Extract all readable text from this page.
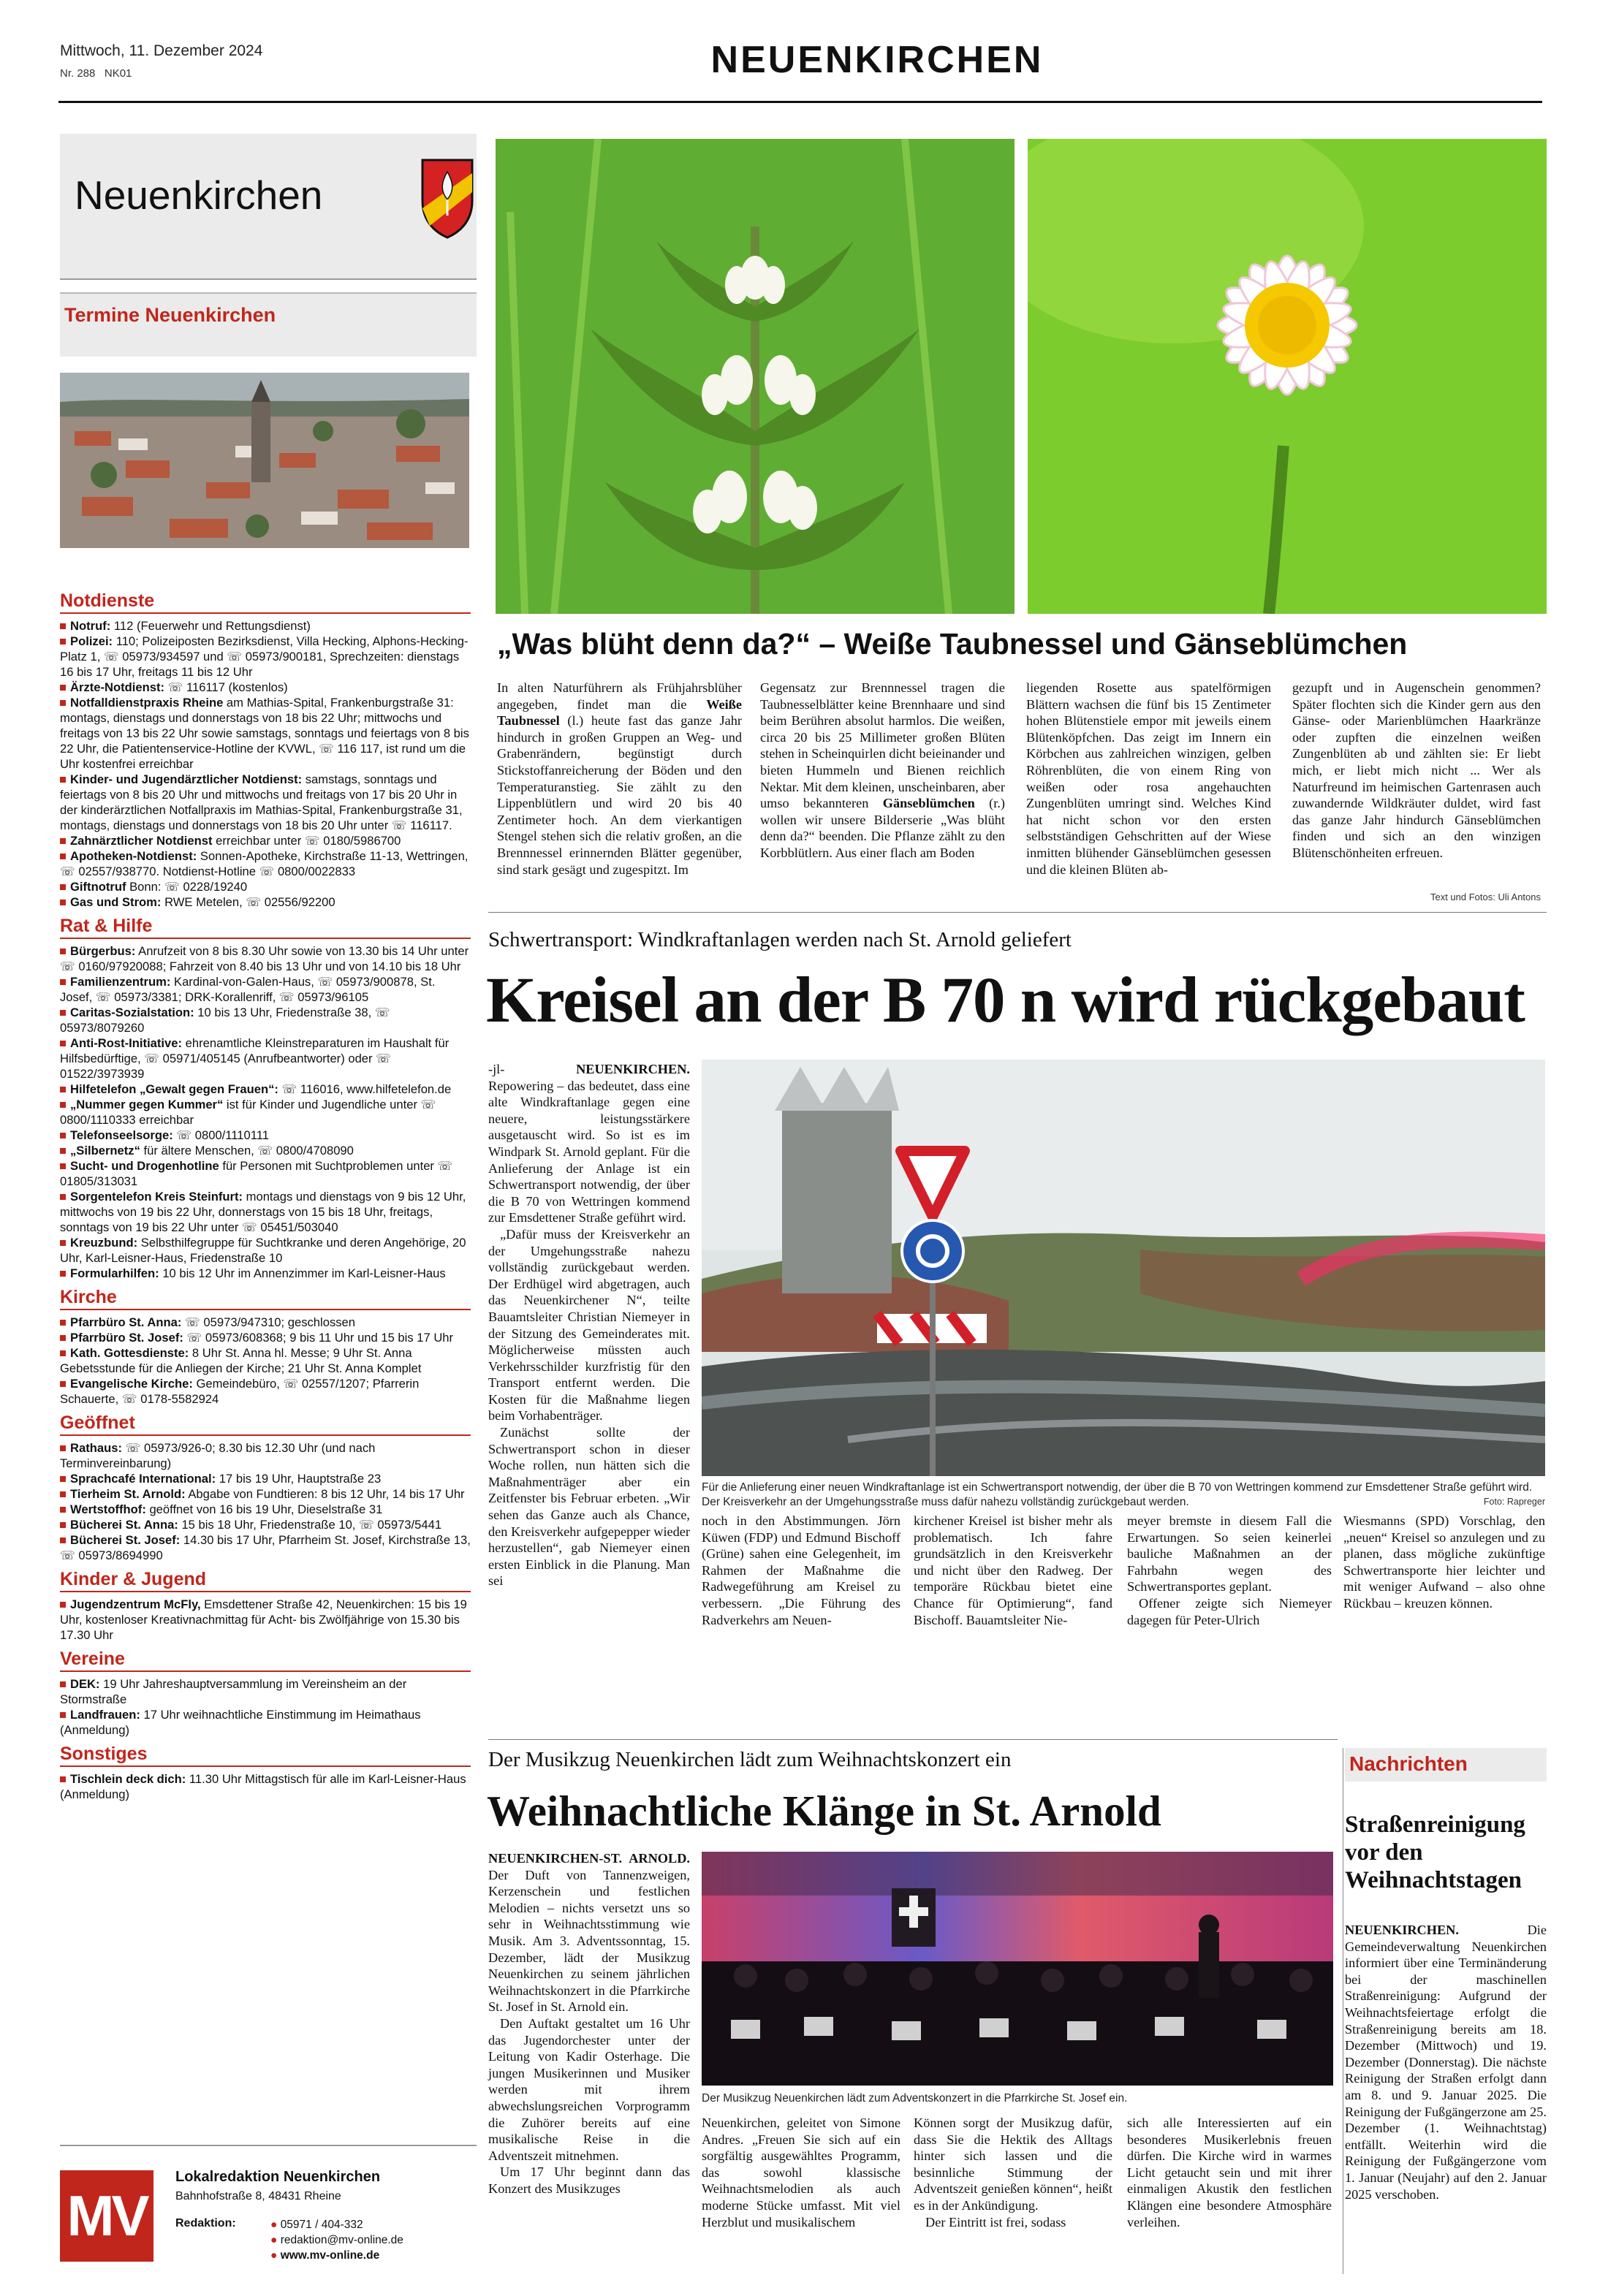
Mittwoch, 11. Dezember 2024
Nr. 288   NK01	NEUENKIRCHEN
Neuenkirchen
Termine Neuenkirchen
Notdienste
Notruf: 112 (Feuerwehr und Rettungsdienst)
Polizei: 110; Polizeiposten Bezirksdienst, Villa Hecking, Alphons-Hecking-Platz 1, ☏ 05973/934597 und ☏ 05973/900181, Sprechzeiten: dienstags 16 bis 17 Uhr, freitags 11 bis 12 Uhr
Ärzte-Notdienst: ☏ 116117 (kostenlos)
Notfalldienstpraxis Rheine am Mathias-Spital, Frankenburgstraße 31: montags, dienstags und donnerstags von 18 bis 22 Uhr; mittwochs und freitags von 13 bis 22 Uhr sowie samstags, sonntags und feiertags von 8 bis 22 Uhr, die Patientenservice-Hotline der KVWL, ☏ 116 117, ist rund um die Uhr kostenfrei erreichbar
Kinder- und Jugendärztlicher Notdienst: samstags, sonntags und feiertags von 8 bis 20 Uhr und mittwochs und freitags von 17 bis 20 Uhr in der kinderärztlichen Notfallpraxis im Mathias-Spital, Frankenburgstraße 31, montags, dienstags und donnerstags von 18 bis 20 Uhr unter ☏ 116117.
Zahnärztlicher Notdienst erreichbar unter ☏ 0180/5986700
Apotheken-Notdienst: Sonnen-Apotheke, Kirchstraße 11-13, Wettringen, ☏ 02557/938770. Notdienst-Hotline ☏ 0800/0022833
Giftnotruf Bonn: ☏ 0228/19240
Gas und Strom: RWE Metelen, ☏ 02556/92200
Rat & Hilfe
Bürgerbus: Anrufzeit von 8 bis 8.30 Uhr sowie von 13.30 bis 14 Uhr unter ☏ 0160/97920088; Fahrzeit von 8.40 bis 13 Uhr und von 14.10 bis 18 Uhr
Familienzentrum: Kardinal-von-Galen-Haus, ☏ 05973/900878, St. Josef, ☏ 05973/3381; DRK-Korallenriff, ☏ 05973/96105
Caritas-Sozialstation: 10 bis 13 Uhr, Friedenstraße 38, ☏ 05973/8079260
Anti-Rost-Initiative: ehrenamtliche Kleinstreparaturen im Haushalt für Hilfsbedürftige, ☏ 05971/405145 (Anrufbeantworter) oder ☏ 01522/3973939
Hilfetelefon „Gewalt gegen Frauen“: ☏ 116016, www.hilfetelefon.de
„Nummer gegen Kummer“ ist für Kinder und Jugendliche unter ☏ 0800/1110333 erreichbar
Telefonseelsorge: ☏ 0800/1110111
„Silbernetz“ für ältere Menschen, ☏ 0800/4708090
Sucht- und Drogenhotline für Personen mit Suchtproblemen unter ☏ 01805/313031
Sorgentelefon Kreis Steinfurt: montags und dienstags von 9 bis 12 Uhr, mittwochs von 19 bis 22 Uhr, donnerstags von 15 bis 18 Uhr, freitags, sonntags von 19 bis 22 Uhr unter ☏ 05451/503040
Kreuzbund: Selbsthilfegruppe für Suchtkranke und deren Angehörige, 20 Uhr, Karl-Leisner-Haus, Friedenstraße 10
Formularhilfen: 10 bis 12 Uhr im Annenzimmer im Karl-Leisner-Haus
Kirche
Pfarrbüro St. Anna: ☏ 05973/947310; geschlossen
Pfarrbüro St. Josef: ☏ 05973/608368; 9 bis 11 Uhr und 15 bis 17 Uhr
Kath. Gottesdienste: 8 Uhr St. Anna hl. Messe; 9 Uhr St. Anna Gebetsstunde für die Anliegen der Kirche; 21 Uhr St. Anna Komplet
Evangelische Kirche: Gemeindebüro, ☏ 02557/1207; Pfarrerin Schauerte, ☏ 0178-5582924
Geöffnet
Rathaus: ☏ 05973/926-0; 8.30 bis 12.30 Uhr (und nach Terminvereinbarung)
Sprachcafé International: 17 bis 19 Uhr, Hauptstraße 23
Tierheim St. Arnold: Abgabe von Fundtieren: 8 bis 12 Uhr, 14 bis 17 Uhr
Wertstoffhof: geöffnet von 16 bis 19 Uhr, Dieselstraße 31
Bücherei St. Anna: 15 bis 18 Uhr, Friedenstraße 10, ☏ 05973/5441
Bücherei St. Josef: 14.30 bis 17 Uhr, Pfarrheim St. Josef, Kirchstraße 13, ☏ 05973/8694990
Kinder & Jugend
Jugendzentrum McFly, Emsdettener Straße 42, Neuenkirchen: 15 bis 19 Uhr, kostenloser Kreativnachmittag für Acht- bis Zwölfjährige von 15.30 bis 17.30 Uhr
Vereine
DEK: 19 Uhr Jahreshauptversammlung im Vereinsheim an der Stormstraße
Landfrauen: 17 Uhr weihnachtliche Einstimmung im Heimathaus (Anmeldung)
Sonstiges
Tischlein deck dich: 11.30 Uhr Mittagstisch für alle im Karl-Leisner-Haus (Anmeldung)
MV
Lokalredaktion Neuenkirchen
Bahnhofstraße 8, 48431 Rheine
Redaktion:	● 05971 / 404-332
● redaktion@mv-online.de
● www.mv-online.de
„Was blüht denn da?“ – Weiße Taubnessel und Gänseblümchen
In alten Naturführern als Frühjahrsblüher angegeben, findet man die Weiße Taubnessel (l.) heute fast das ganze Jahr hindurch in großen Gruppen an Weg- und Grabenrändern, begünstigt durch Stickstoffanreicherung der Böden und den Temperaturanstieg. Sie zählt zu den Lippenblütlern und wird 20 bis 40 Zentimeter hoch. An dem vierkantigen Stengel stehen sich die relativ großen, an die Brennnessel erinnernden Blätter gegenüber, sind stark gesägt und zugespitzt. Im
Gegensatz zur Brennnessel tragen die Taubnesselblätter keine Brennhaare und sind beim Berühren absolut harmlos. Die weißen, circa 20 bis 25 Millimeter großen Blüten stehen in Scheinquirlen dicht beieinander und bieten Hummeln und Bienen reichlich Nektar. Mit dem kleinen, unscheinbaren, aber umso bekannteren Gänseblümchen (r.) wollen wir unsere Bilderserie „Was blüht denn da?“ beenden. Die Pflanze zählt zu den Korbblütlern. Aus einer flach am Boden
liegenden Rosette aus spatelförmigen Blättern wachsen die fünf bis 15 Zentimeter hohen Blütenstiele empor mit jeweils einem Blütenköpfchen. Das zeigt im Innern ein Körbchen aus zahlreichen winzigen, gelben Röhrenblüten, die von einem Ring von weißen oder rosa angehauchten Zungenblüten umringt sind. Welches Kind hat nicht schon vor den ersten selbstständigen Gehschritten auf der Wiese inmitten blühender Gänseblümchen gesessen und die kleinen Blüten ab-
gezupft und in Augenschein genommen? Später flochten sich die Kinder gern aus den Gänse- oder Marienblümchen Haarkränze oder zupften die einzelnen weißen Zungenblüten ab und zählten sie: Er liebt mich, er liebt mich nicht ... Wer als Naturfreund im heimischen Gartenrasen auch zuwandernde Wildkräuter duldet, wird fast das ganze Jahr hindurch Gänseblümchen finden und sich an den winzigen Blütenschönheiten erfreuen.
Text und Fotos: Uli Antons
Schwertransport: Windkraftanlagen werden nach St. Arnold geliefert
Kreisel an der B 70 n wird rückgebaut

-jl- NEUENKIRCHEN. Repowering – das bedeutet, dass eine alte Windkraftanlage gegen eine neuere, leistungsstärkere ausgetauscht wird. So ist es im Windpark St. Arnold geplant. Für die Anlieferung der Anlage ist ein Schwertransport notwendig, der über die B 70 von Wettringen kommend zur Emsdettener Straße geführt wird.

„Dafür muss der Kreisverkehr an der Umgehungsstraße nahezu vollständig zurückgebaut werden. Der Erdhügel wird abgetragen, auch das Neuenkirchener N“, teilte Bauamtsleiter Christian Niemeyer in der Sitzung des Gemeinderates mit. Möglicherweise müssten auch Verkehrsschilder kurzfristig für den Transport entfernt werden. Die Kosten für die Maßnahme liegen beim Vorhabenträger.

Zunächst sollte der Schwertransport schon in dieser Woche rollen, nun hätten sich die Maßnahmenträger aber ein Zeitfenster bis Februar erbeten. „Wir sehen das Ganze auch als Chance, den Kreisverkehr aufgepepper wieder herzustellen“, gab Niemeyer einen ersten Einblick in die Planung. Man sei

Für die Anlieferung einer neuen Windkraftanlage ist ein Schwertransport notwendig, der über die B 70 von Wettringen kommend zur Emsdettener Straße geführt wird. Der Kreisverkehr an der Umgehungsstraße muss dafür nahezu vollständig zurückgebaut werden.	Foto: Rapreger
noch in den Abstimmungen. Jörn Küwen (FDP) und Edmund Bischoff (Grüne) sahen eine Gelegenheit, im Rahmen der Maßnahme die Radwegeführung am Kreisel zu verbessern. „Die Führung des Radverkehrs am Neuen-
kirchener Kreisel ist bisher mehr als problematisch. Ich fahre grundsätzlich in den Kreisverkehr und nicht über den Radweg. Der temporäre Rückbau bietet eine Chance für Optimierung“, fand Bischoff. Bauamtsleiter Nie-

meyer bremste in diesem Fall die Erwartungen. So seien keinerlei bauliche Maßnahmen an der Fahrbahn wegen des Schwertransportes geplant.

Offener zeigte sich Niemeyer dagegen für Peter-Ulrich

Wiesmanns (SPD) Vorschlag, den „neuen“ Kreisel so anzulegen und zu planen, dass mögliche zukünftige Schwertransporte hier leichter und mit weniger Aufwand – also ohne Rückbau – kreuzen können.
Der Musikzug Neuenkirchen lädt zum Weihnachtskonzert ein
Weihnachtliche Klänge in St. Arnold

NEUENKIRCHEN-ST. ARNOLD. Der Duft von Tannenzweigen, Kerzenschein und festlichen Melodien – nichts versetzt uns so sehr in Weihnachtsstimmung wie Musik. Am 3. Adventssonntag, 15. Dezember, lädt der Musikzug Neuenkirchen zu seinem jährlichen Weihnachtskonzert in die Pfarrkirche St. Josef in St. Arnold ein.

Den Auftakt gestaltet um 16 Uhr das Jugendorchester unter der Leitung von Kadir Osterhage. Die jungen Musikerinnen und Musiker werden mit ihrem abwechslungsreichen Vorprogramm die Zuhörer bereits auf eine musikalische Reise in die Adventszeit mitnehmen.

Um 17 Uhr beginnt dann das Konzert des Musikzuges

Der Musikzug Neuenkirchen lädt zum Adventskonzert in die Pfarrkirche St. Josef ein.
Neuenkirchen, geleitet von Simone Andres. „Freuen Sie sich auf ein sorgfältig ausgewähltes Programm, das sowohl klassische Weihnachtsmelodien als auch moderne Stücke umfasst. Mit viel Herzblut und musikalischem

Können sorgt der Musikzug dafür, dass Sie die Hektik des Alltags hinter sich lassen und die besinnliche Stimmung der Adventszeit genießen können“, heißt es in der Ankündigung.

Der Eintritt ist frei, sodass

sich alle Interessierten auf ein besonderes Musikerlebnis freuen dürfen. Die Kirche wird in warmes Licht getaucht sein und mit ihrer einmaligen Akustik den festlichen Klängen eine besondere Atmosphäre verleihen.
Nachrichten
Straßenreinigung vor den Weihnachtstagen
NEUENKIRCHEN. Die Gemeindeverwaltung Neuenkirchen informiert über eine Terminänderung bei der maschinellen Straßenreinigung: Aufgrund der Weihnachtsfeiertage erfolgt die Straßenreinigung bereits am 18. Dezember (Mittwoch) und 19. Dezember (Donnerstag). Die nächste Reinigung der Straßen erfolgt dann am 8. und 9. Januar 2025. Die Reinigung der Fußgängerzone am 25. Dezember (1. Weihnachtstag) entfällt. Weiterhin wird die Reinigung der Fußgängerzone vom 1. Januar (Neujahr) auf den 2. Januar 2025 verschoben.
